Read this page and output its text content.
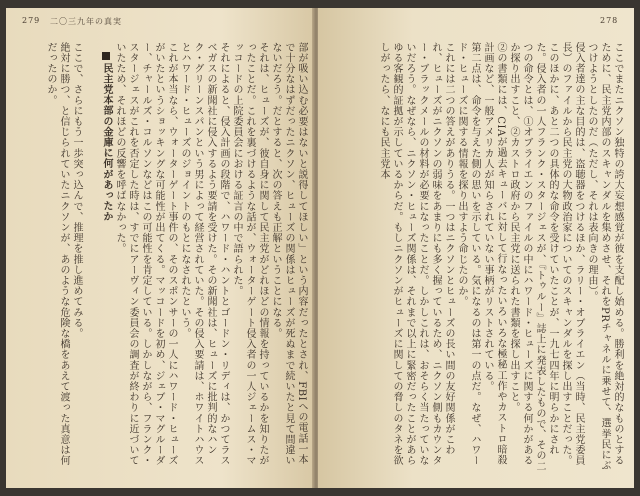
279 二〇三九年の真実

部が吸い込む必要はないと説得してほしい」という内容だったとされ、FBIへの電話一本で十分なはずだったニクソン、ヒューズの関係はヒューズが死ぬまで続いたと見て間違いないだろう。だとすると、次の答えも正解ということになる。
それは、ヒューズが、彼自身に関して民主党がどれほどの情報を持っているかを知りたがったことだ。これを裏づけるような話が、ウォーターゲート侵入者の一人ジェームス・マッコードの上院委員会における証言の中で語られた。

それによると、侵入計画の段階で、ハワード・ハントとゴードン・リディは、かつてラスベガスの新聞社に侵入するよう要請を受けた。その新聞社は、ヒューズに批判的なハンク・グリーンスパンという男によって経営されていた。その侵入要請は、ホワイトハウスとハワード・ヒューズのジョイントのもとになされたという。

これが本当なら、ウォーターゲート事件の、そのスポンサーの一人にハワード・ヒューズがいたというショッキングな可能性が出てくる。マッコードを初め、ジェブ・マグルーダー、チャールズ・コルソンなどはこの可能性を肯定している。しかしながら、フランク・スタージェスがこれを否定した時は、すでにアーヴィン委員会の調査が終わりに近づいていたため、それほどの反響を呼ばなかった。

民主党本部の金庫に何があったか

ここで、さらにもう一歩突っ込んで、推理を推し進めてみる。
絶対に勝つ、と信じられていたニクソンが、あのような危険な橋をあえて渡った真意は何だったのか。

278

ここでまたニクソン独特の誇大妄想感覚が彼を支配し始める。勝利を絶対的なものとするために、民主党内部のスキャンダルを集めさせ、それをPRチャネルに乗せて、選挙民にぶつけようとしたのだ（ただし、それは表向きの理由）。

侵入者達の主な目的は、盗聴器をつけるほか、ラリー・オブライエン（当時、民主党委員長）のファイルから民主党の大物政治家についてのスキャンダルを探し出すことだった。
このほかに、あと二つの具体的な命令を受けていたことが、一九七四年に明らかにされた。侵入者の一人フランク・スタージェスが、『トゥルー』誌上に発表したもので、その二つの命令とは、①オブライエンのファイルの中にハワード・ヒューズに関する何かがあるか探り出すこと、②カストロ政府から民主党に送られた書類を探し出すこと。

②の書類には、CIAが過去キューバに対して行なったいろいろな極秘工作やカストロ暗殺計画など、一般アメリカ人が知らされていない事柄がリストされている。
第二点は、命令を与えた側の思いを示している。気になるのは第一の点だ。なぜ、ハワード・ヒューズに関する情報を探り出すよう命じたのか。

これには二つの答えがありうる。一つはニクソンとヒューズの長い間の友好関係がこわれ、ヒューズがニクソンの弱味をあまりにも多く握っているため、ニクソン側もカウンター・ブラックメールの材料が必要になったことだ。しかしこれは、おそらく当たっていないだろう。なぜなら、ニクソン・ヒューズ関係は、それまで以上に緊密だったことがあらゆる客観的証拠が示しているからだ。もしニクソンがヒューズに関しての脅しのタネを欲しがったら、なにも民主党本
